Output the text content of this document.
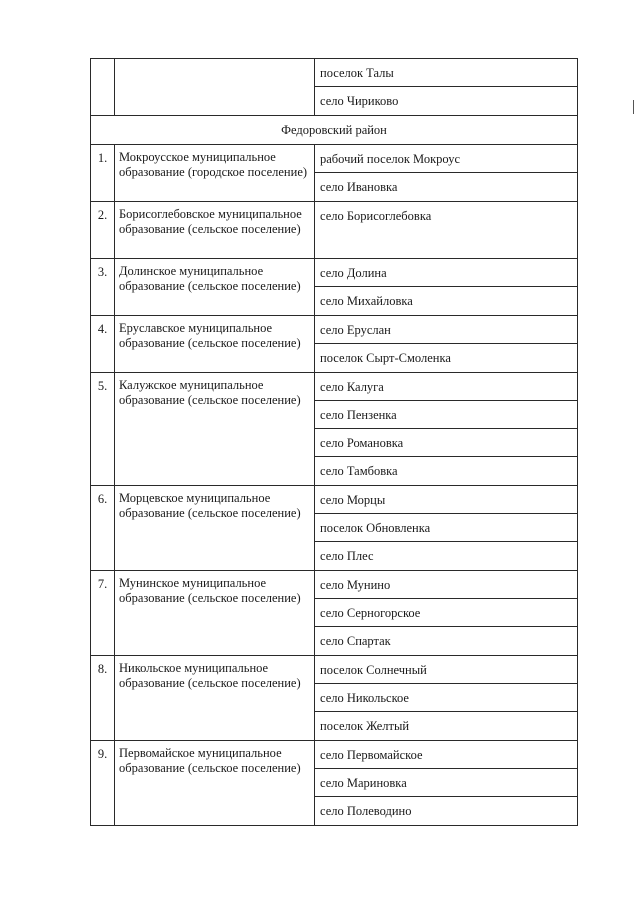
поселок Талы
село Чириково
Федоровский район
1. Мокроусское муниципальное образование (городское поселение)
рабочий поселок Мокроус
село Ивановка
2. Борисоглебовское муниципальное образование (сельское поселение)
село Борисоглебовка
3. Долинское муниципальное образование (сельское поселение)
село Долина
село Михайловка
4. Еруславское муниципальное образование (сельское поселение)
село Еруслан
поселок Сырт-Смоленка
5. Калужское муниципальное образование (сельское поселение)
село Калуга
село Пензенка
село Романовка
село Тамбовка
6. Морцевское муниципальное образование (сельское поселение)
село Морцы
поселок Обновленка
село Плес
7. Мунинское муниципальное образование (сельское поселение)
село Мунино
село Серногорское
село Спартак
8. Никольское муниципальное образование (сельское поселение)
поселок Солнечный
село Никольское
поселок Желтый
9. Первомайское муниципальное образование (сельское поселение)
село Первомайское
село Мариновка
село Полеводино
